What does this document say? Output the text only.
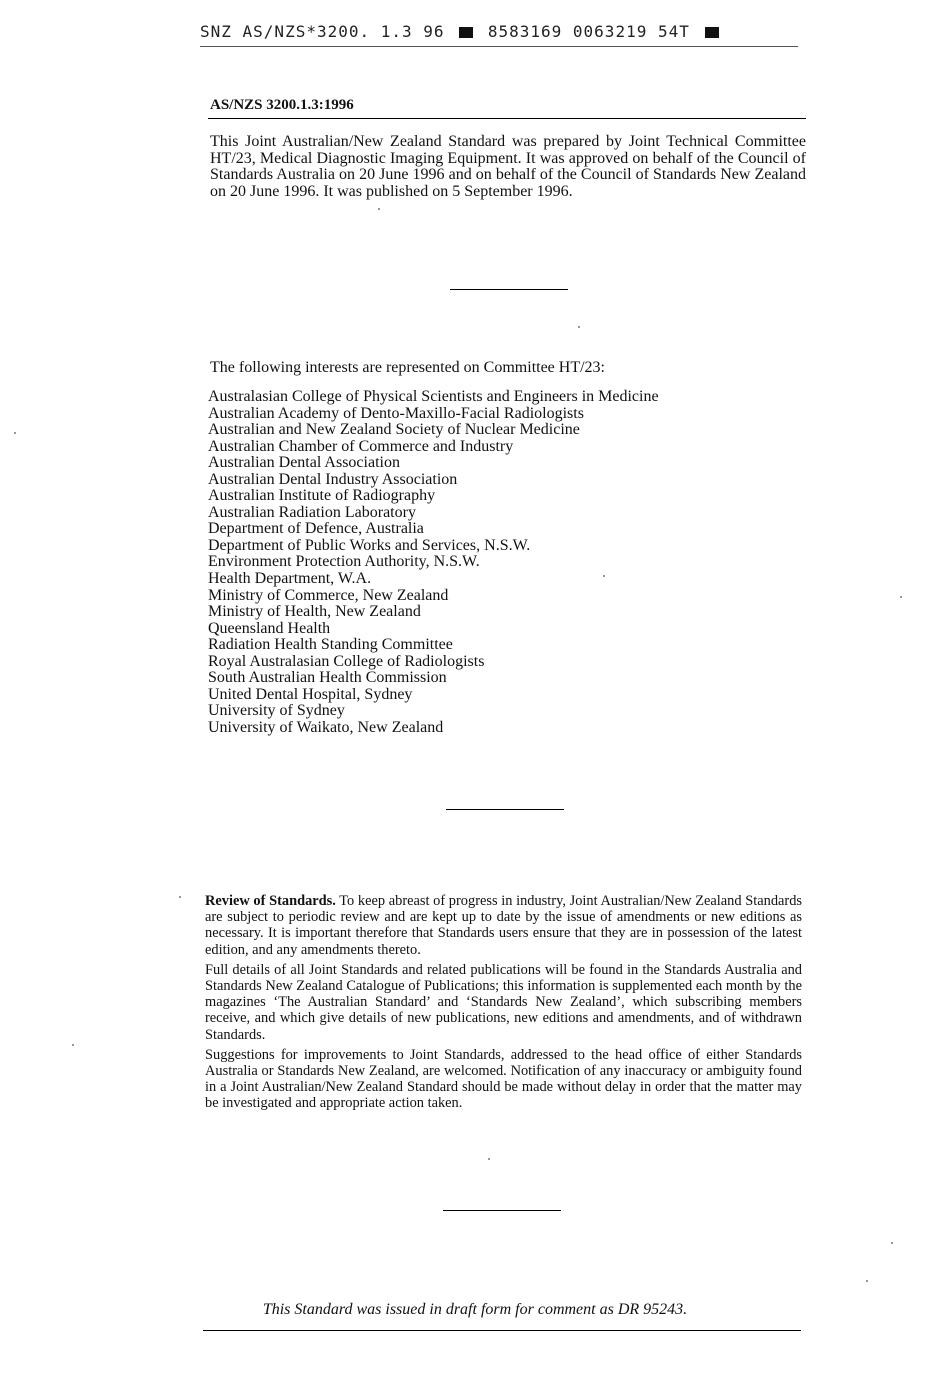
SNZ AS/NZS*3200. 1.3 96	8583169 0063219 54T
AS/NZS 3200.1.3:1996
This Joint Australian/New Zealand Standard was prepared by Joint Technical Committee HT/23, Medical Diagnostic Imaging Equipment. It was approved on behalf of the Council of Standards Australia on 20 June 1996 and on behalf of the Council of Standards New Zealand on 20 June 1996. It was published on 5 September 1996.
The following interests are represented on Committee HT/23:
Australasian College of Physical Scientists and Engineers in Medicine
Australian Academy of Dento-Maxillo-Facial Radiologists
Australian and New Zealand Society of Nuclear Medicine
Australian Chamber of Commerce and Industry
Australian Dental Association
Australian Dental Industry Association
Australian Institute of Radiography
Australian Radiation Laboratory
Department of Defence, Australia
Department of Public Works and Services, N.S.W.
Environment Protection Authority, N.S.W.
Health Department, W.A.
Ministry of Commerce, New Zealand
Ministry of Health, New Zealand
Queensland Health
Radiation Health Standing Committee
Royal Australasian College of Radiologists
South Australian Health Commission
United Dental Hospital, Sydney
University of Sydney
University of Waikato, New Zealand

Review of Standards. To keep abreast of progress in industry, Joint Australian/New Zealand Standards are subject to periodic review and are kept up to date by the issue of amendments or new editions as necessary. It is important therefore that Standards users ensure that they are in possession of the latest edition, and any amendments thereto.

Full details of all Joint Standards and related publications will be found in the Standards Australia and Standards New Zealand Catalogue of Publications; this information is supplemented each month by the magazines ‘The Australian Standard’ and ‘Standards New Zealand’, which subscribing members receive, and which give details of new publications, new editions and amendments, and of withdrawn Standards.

Suggestions for improvements to Joint Standards, addressed to the head office of either Standards Australia or Standards New Zealand, are welcomed. Notification of any inaccuracy or ambiguity found in a Joint Australian/New Zealand Standard should be made without delay in order that the matter may be investigated and appropriate action taken.

This Standard was issued in draft form for comment as DR 95243.
